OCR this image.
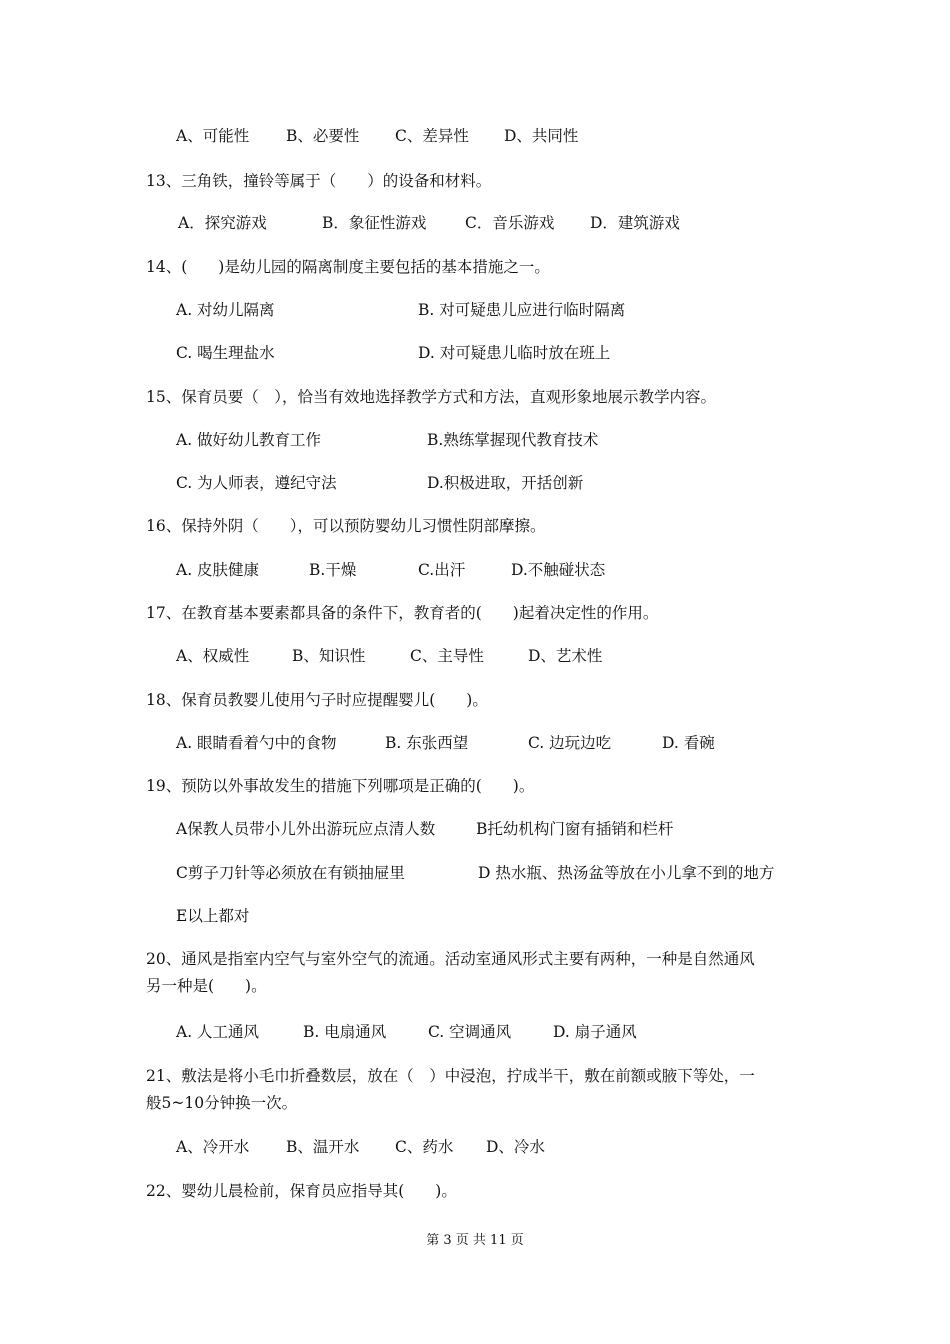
A、可能性 B、必要性 C、差异性 D、共同性
13、三角铁，撞铃等属于（　　）的设备和材料。
A．探究游戏	B．象征性游戏 C．音乐游戏 D．建筑游戏
14、(　　)是幼儿园的隔离制度主要包括的基本措施之一。
A. 对幼儿隔离	B. 对可疑患儿应进行临时隔离
C. 喝生理盐水	D. 对可疑患儿临时放在班上
15、保育员要（　），恰当有效地选择教学方式和方法，直观形象地展示教学内容。
A. 做好幼儿教育工作	B.熟练掌握现代教育技术
C. 为人师表，遵纪守法	D.积极进取，开括创新
16、保持外阴（　　），可以预防婴幼儿习惯性阴部摩擦。
A. 皮肤健康	B.干燥	C.出汗	D.不触碰状态
17、在教育基本要素都具备的条件下，教育者的(　　)起着决定性的作用。
A、权威性	B、知识性	C、主导性	D、艺术性
18、保育员教婴儿使用勺子时应提醒婴儿(　　)。
A. 眼睛看着勺中的食物	B. 东张西望	C. 边玩边吃	D. 看碗
19、预防以外事故发生的措施下列哪项是正确的(　　)。
A保教人员带小儿外出游玩应点清人数	B托幼机构门窗有插销和栏杆
C剪子刀针等必须放在有锁抽屉里	D 热水瓶、热汤盆等放在小儿拿不到的地方
E以上都对
20、通风是指室内空气与室外空气的流通。活动室通风形式主要有两种，一种是自然通风
另一种是(　　)。
A. 人工通风	B. 电扇通风	C. 空调通风	D. 扇子通风
21、敷法是将小毛巾折叠数层，放在（　）中浸泡，拧成半干，敷在前额或腋下等处，一
般5~10分钟换一次。
A、冷开水 B、温开水 C、药水 D、冷水
22、婴幼儿晨检前，保育员应指导其(　　)。
第 3 页 共 11 页
